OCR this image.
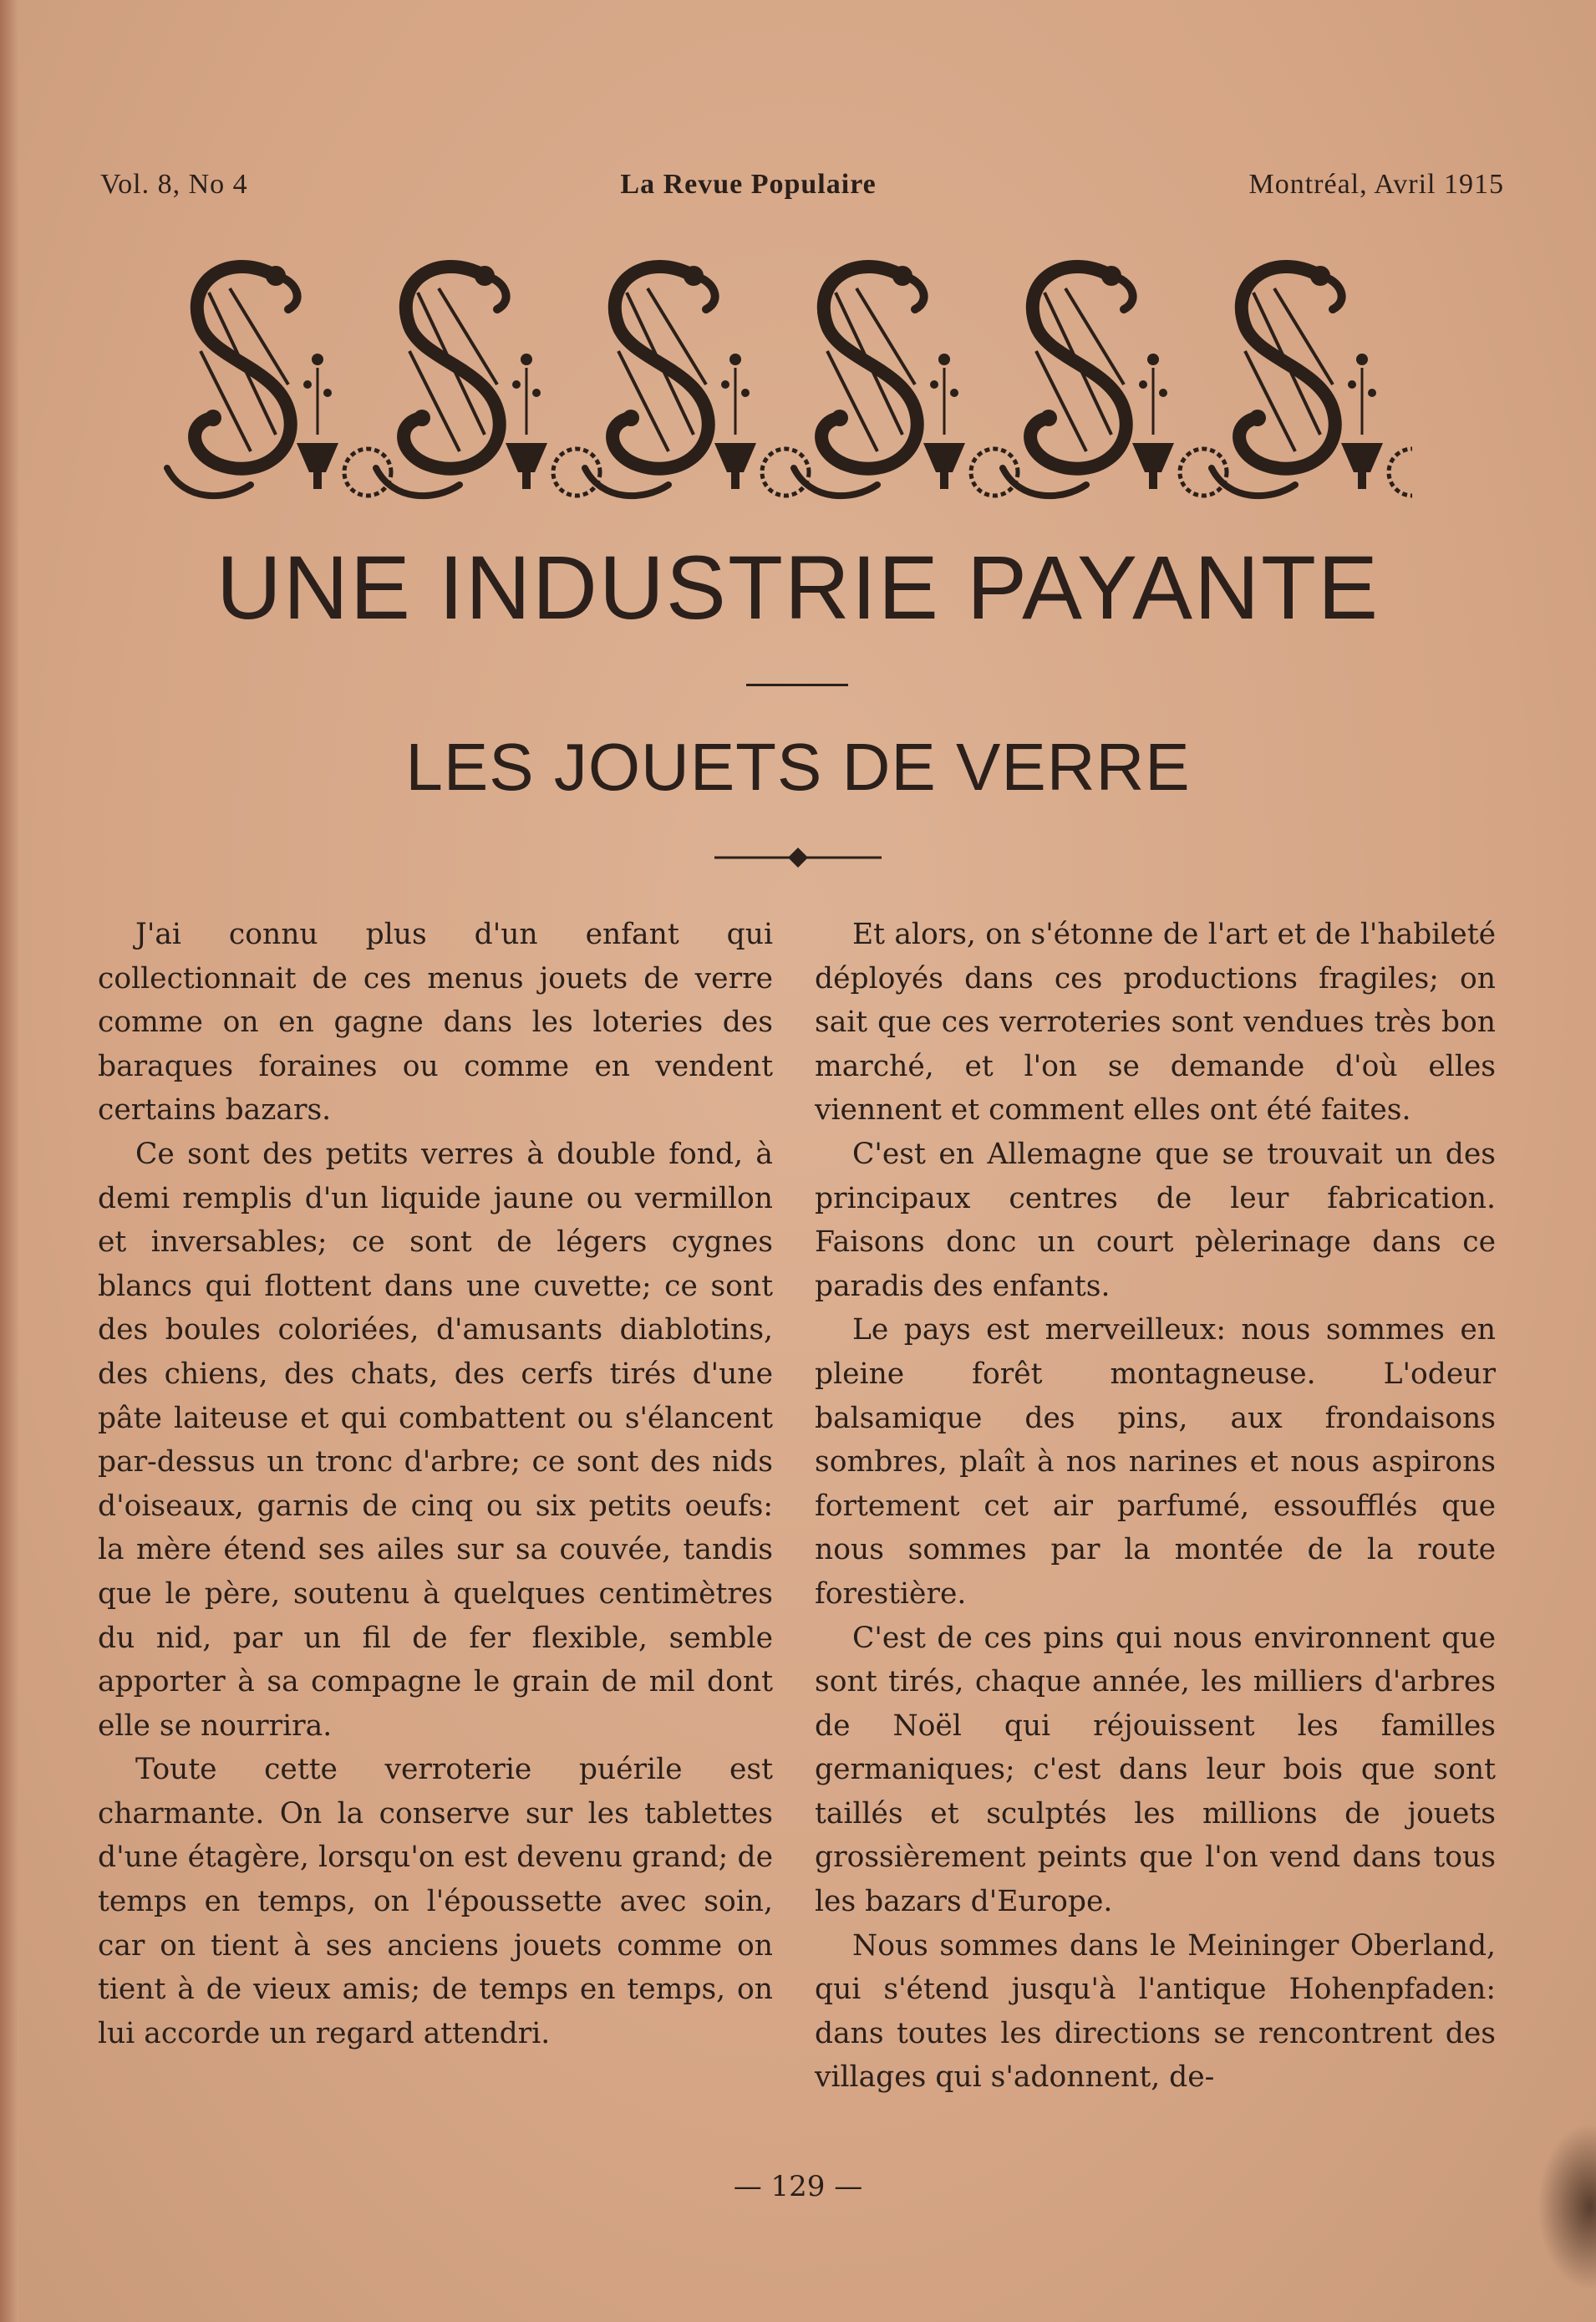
Vol. 8, No 4	La Revue Populaire	Montréal, Avril 1915
UNE INDUSTRIE PAYANTE
LES JOUETS DE VERRE

J'ai connu plus d'un enfant qui collectionnait de ces menus jouets de verre comme on en gagne dans les loteries des baraques foraines ou comme en vendent certains bazars.

Ce sont des petits verres à double fond, à demi remplis d'un liquide jaune ou vermillon et inversables; ce sont de légers cygnes blancs qui flottent dans une cuvette; ce sont des boules coloriées, d'amusants diablotins, des chiens, des chats, des cerfs tirés d'une pâte laiteuse et qui combattent ou s'élancent par-dessus un tronc d'arbre; ce sont des nids d'oiseaux, garnis de cinq ou six petits oeufs: la mère étend ses ailes sur sa couvée, tandis que le père, soutenu à quelques centimètres du nid, par un fil de fer flexible, semble apporter à sa compagne le grain de mil dont elle se nourrira.

Toute cette verroterie puérile est charmante. On la conserve sur les tablettes d'une étagère, lorsqu'on est devenu grand; de temps en temps, on l'époussette avec soin, car on tient à ses anciens jouets comme on tient à de vieux amis; de temps en temps, on lui accorde un regard attendri.

Et alors, on s'étonne de l'art et de l'habileté déployés dans ces productions fragiles; on sait que ces verroteries sont vendues très bon marché, et l'on se demande d'où elles viennent et comment elles ont été faites.

C'est en Allemagne que se trouvait un des principaux centres de leur fabrication. Faisons donc un court pèlerinage dans ce paradis des enfants.

Le pays est merveilleux: nous sommes en pleine forêt montagneuse. L'odeur balsamique des pins, aux frondaisons sombres, plaît à nos narines et nous aspirons fortement cet air parfumé, essoufflés que nous sommes par la montée de la route forestière.

C'est de ces pins qui nous environnent que sont tirés, chaque année, les milliers d'arbres de Noël qui réjouissent les familles germaniques; c'est dans leur bois que sont taillés et sculptés les millions de jouets grossièrement peints que l'on vend dans tous les bazars d'Europe.

Nous sommes dans le Meininger Oberland, qui s'étend jusqu'à l'antique Hohenpfaden: dans toutes les directions se rencontrent des villages qui s'adonnent, de-

— 129 —
